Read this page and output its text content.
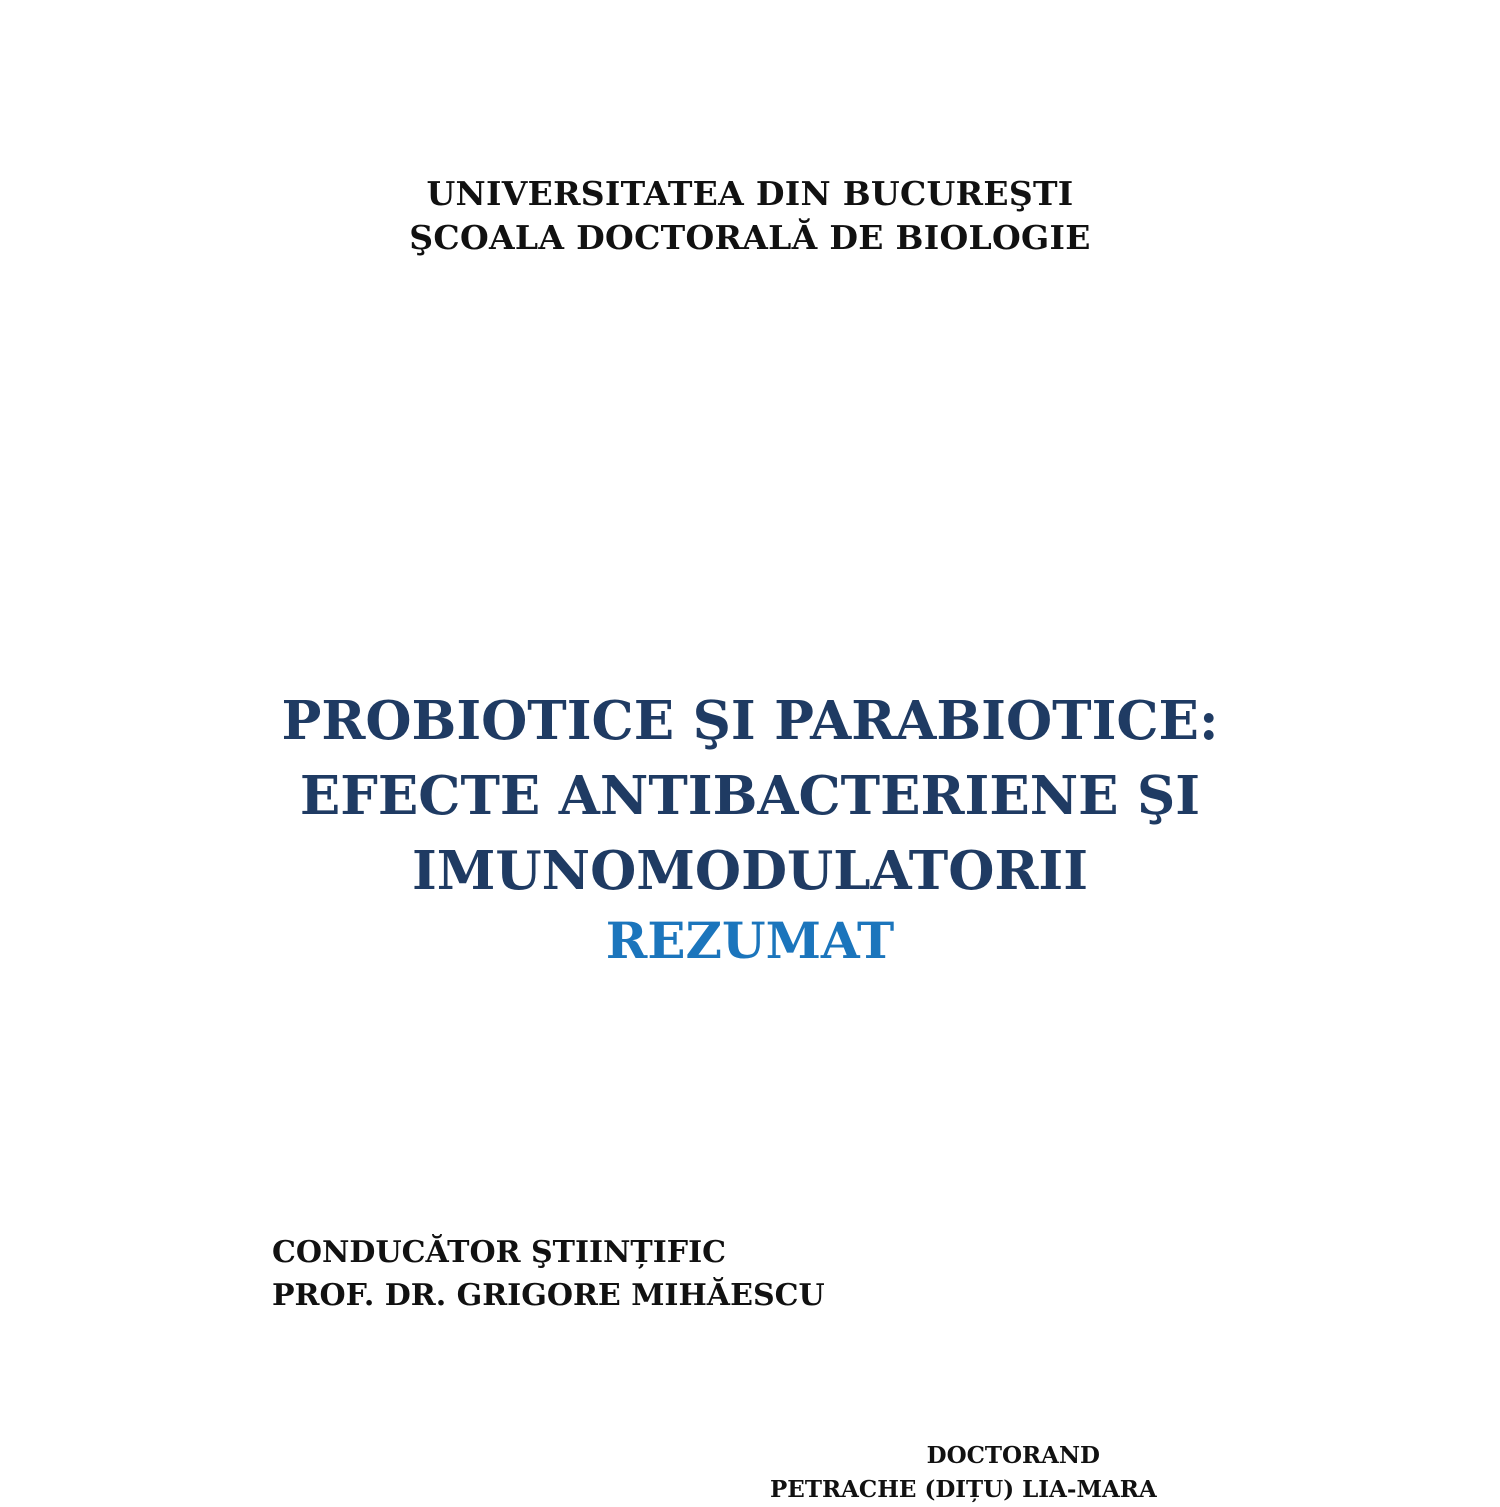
UNIVERSITATEA DIN BUCUREŞTI
ŞCOALA DOCTORALĂ DE BIOLOGIE
PROBIOTICE ŞI PARABIOTICE:
EFECTE ANTIBACTERIENE ŞI
IMUNOMODULATORII
REZUMAT
CONDUCĂTOR ŞTIINȚIFIC
PROF. DR. GRIGORE MIHĂESCU
DOCTORAND
PETRACHE (DIȚU) LIA-MARA
